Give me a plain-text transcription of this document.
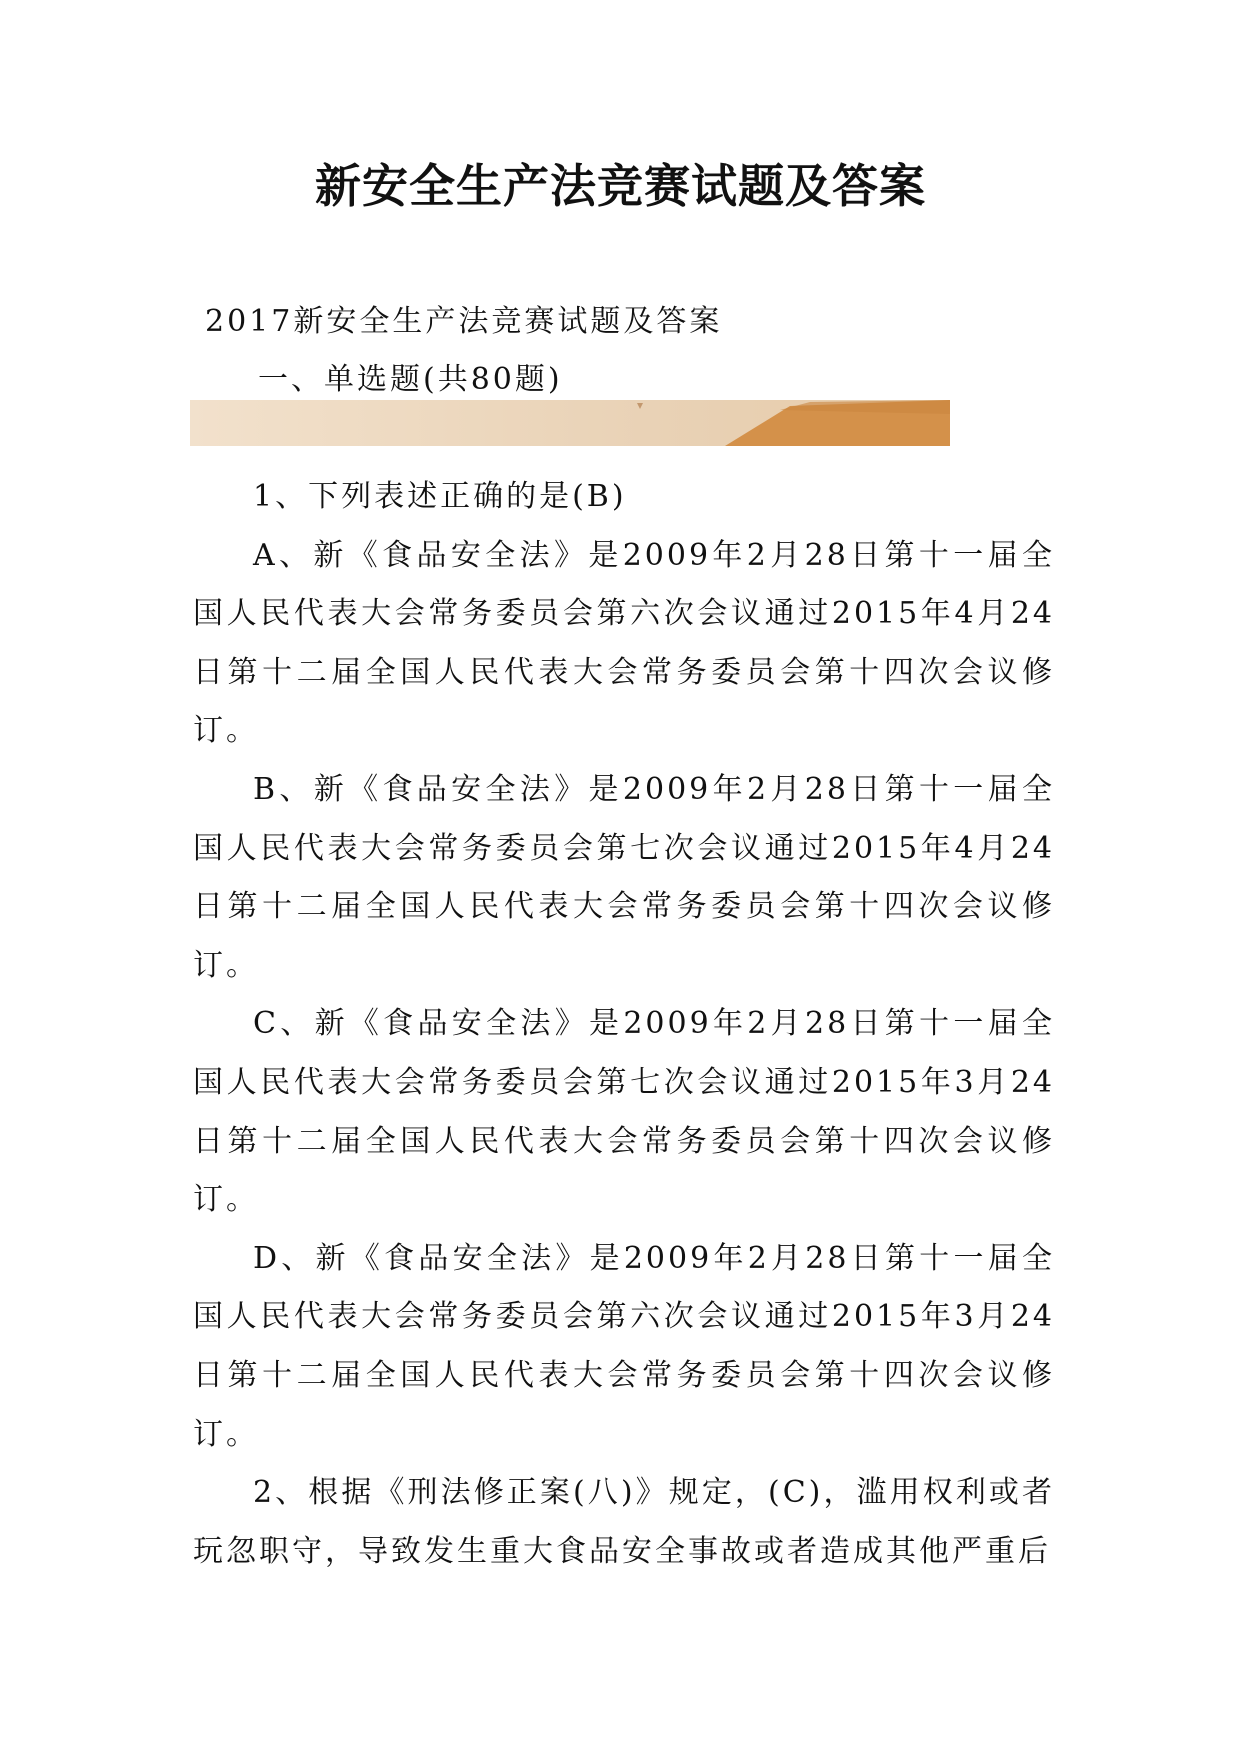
新安全生产法竞赛试题及答案
2017新安全生产法竞赛试题及答案
一、单选题(共80题)

1、下列表述正确的是(B)

A、新《食品安全法》是2009年2月28日第十一届全国人民代表大会常务委员会第六次会议通过2015年4月24日第十二届全国人民代表大会常务委员会第十四次会议修订。

B、新《食品安全法》是2009年2月28日第十一届全国人民代表大会常务委员会第七次会议通过2015年4月24日第十二届全国人民代表大会常务委员会第十四次会议修订。

C、新《食品安全法》是2009年2月28日第十一届全国人民代表大会常务委员会第七次会议通过2015年3月24日第十二届全国人民代表大会常务委员会第十四次会议修订。

D、新《食品安全法》是2009年2月28日第十一届全国人民代表大会常务委员会第六次会议通过2015年3月24日第十二届全国人民代表大会常务委员会第十四次会议修订。

2、根据《刑法修正案(八)》规定，(C)，滥用权利或者玩忽职守，导致发生重大食品安全事故或者造成其他严重后
